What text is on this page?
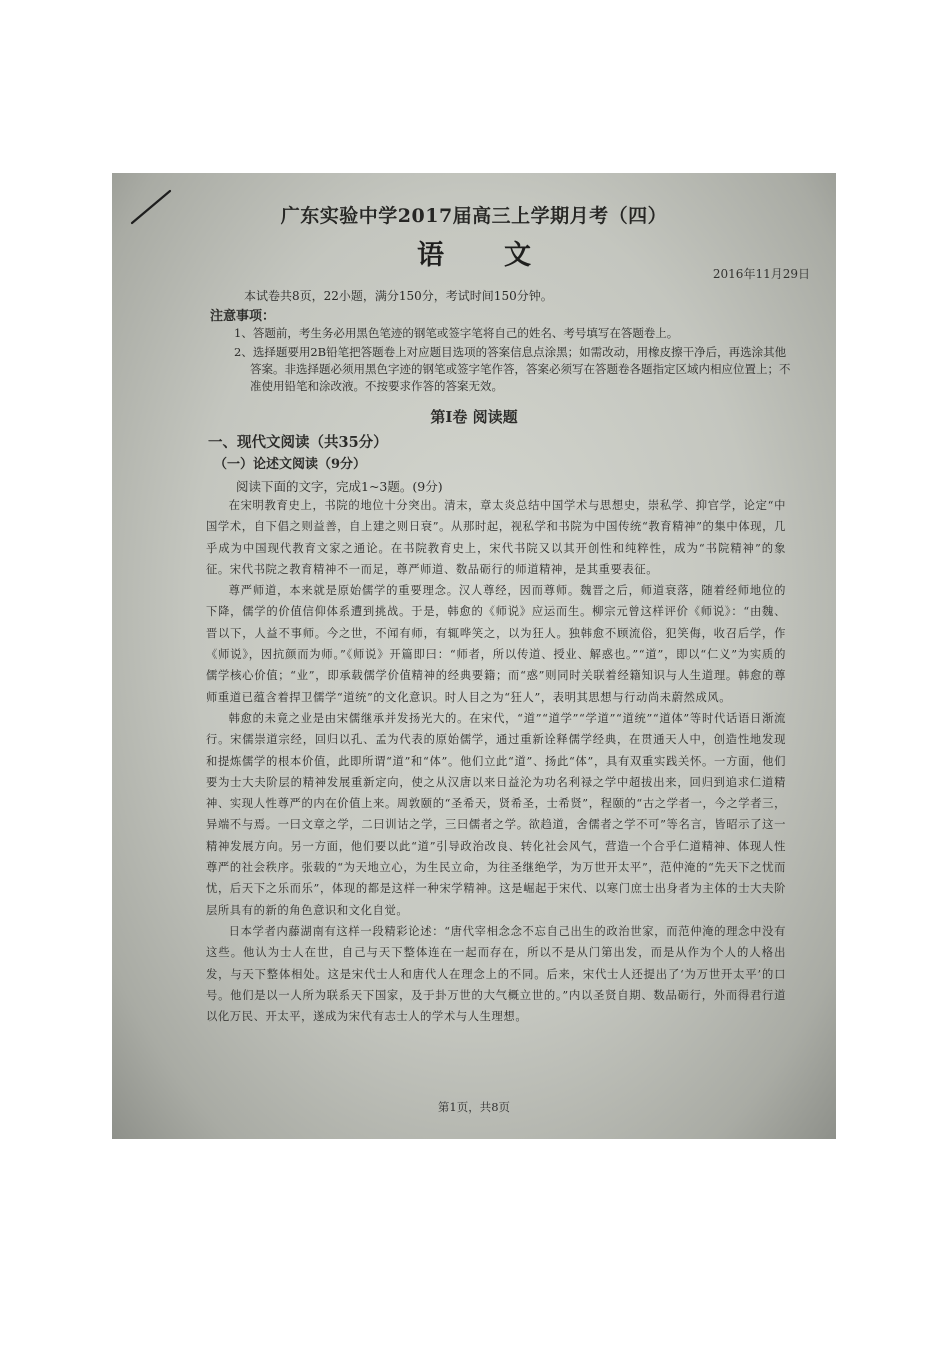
广东实验中学2017届高三上学期月考（四）
语文
2016年11月29日
本试卷共8页，22小题，满分150分，考试时间150分钟。
注意事项：
1、答题前，考生务必用黑色笔迹的钢笔或签字笔将自己的姓名、考号填写在答题卷上。
2、选择题要用2B铅笔把答题卷上对应题目选项的答案信息点涂黑；如需改动，用橡皮擦干净后，再选涂其他答案。非选择题必须用黑色字迹的钢笔或签字笔作答，答案必须写在答题卷各题指定区域内相应位置上；不准使用铅笔和涂改液。不按要求作答的答案无效。
第Ⅰ卷 阅读题
一、现代文阅读（共35分）
（一）论述文阅读（9分）
阅读下面的文字，完成1~3题。(9分)

在宋明教育史上，书院的地位十分突出。清末，章太炎总结中国学术与思想史，崇私学、抑官学，论定“中国学术，自下倡之则益善，自上建之则日衰”。从那时起，视私学和书院为中国传统“教育精神”的集中体现，几乎成为中国现代教育文家之通论。在书院教育史上，宋代书院又以其开创性和纯粹性，成为“书院精神”的象征。宋代书院之教育精神不一而足，尊严师道、数品砺行的师道精神，是其重要表征。

尊严师道，本来就是原始儒学的重要理念。汉人尊经，因而尊师。魏晋之后，师道衰落，随着经师地位的下降，儒学的价值信仰体系遭到挑战。于是，韩愈的《师说》应运而生。柳宗元曾这样评价《师说》：“由魏、晋以下，人益不事师。今之世，不闻有师，有辄哗笑之，以为狂人。独韩愈不顾流俗，犯笑侮，收召后学，作《师说》，因抗颜而为师。”《师说》开篇即曰：“师者，所以传道、授业、解惑也。”“道”，即以“仁义”为实质的儒学核心价值；“业”，即承载儒学价值精神的经典要籍；而“惑”则同时关联着经籍知识与人生道理。韩愈的尊师重道已蕴含着捍卫儒学“道统”的文化意识。时人目之为“狂人”，表明其思想与行动尚未蔚然成风。

韩愈的未竟之业是由宋儒继承并发扬光大的。在宋代，“道”“道学”“学道”“道统”“道体”等时代话语日渐流行。宋儒崇道宗经，回归以孔、孟为代表的原始儒学，通过重新诠释儒学经典，在贯通天人中，创造性地发现和提炼儒学的根本价值，此即所谓“道”和“体”。他们立此“道”、扬此“体”，具有双重实践关怀。一方面，他们要为士大夫阶层的精神发展重新定向，使之从汉唐以来日益沦为功名利禄之学中超拔出来，回归到追求仁道精神、实现人性尊严的内在价值上来。周敦颐的“圣希天，贤希圣，士希贤”，程颐的“古之学者一，今之学者三，异端不与焉。一曰文章之学，二曰训诂之学，三曰儒者之学。欲趋道，舍儒者之学不可”等名言，皆昭示了这一精神发展方向。另一方面，他们要以此“道”引导政治改良、转化社会风气，营造一个合乎仁道精神、体现人性尊严的社会秩序。张载的“为天地立心，为生民立命，为往圣继绝学，为万世开太平”，范仲淹的“先天下之忧而忧，后天下之乐而乐”，体现的都是这样一种宋学精神。这是崛起于宋代、以寒门庶士出身者为主体的士大夫阶层所具有的新的角色意识和文化自觉。

日本学者内藤湖南有这样一段精彩论述：“唐代宰相念念不忘自己出生的政治世家，而范仲淹的理念中没有这些。他认为士人在世，自己与天下整体连在一起而存在，所以不是从门第出发，而是从作为个人的人格出发，与天下整体相处。这是宋代士人和唐代人在理念上的不同。后来，宋代士人还提出了‘为万世开太平’的口号。他们是以一人所为联系天下国家，及于卦万世的大气概立世的。”内以圣贤自期、数品砺行，外而得君行道以化万民、开太平，遂成为宋代有志士人的学术与人生理想。

第1页，共8页
